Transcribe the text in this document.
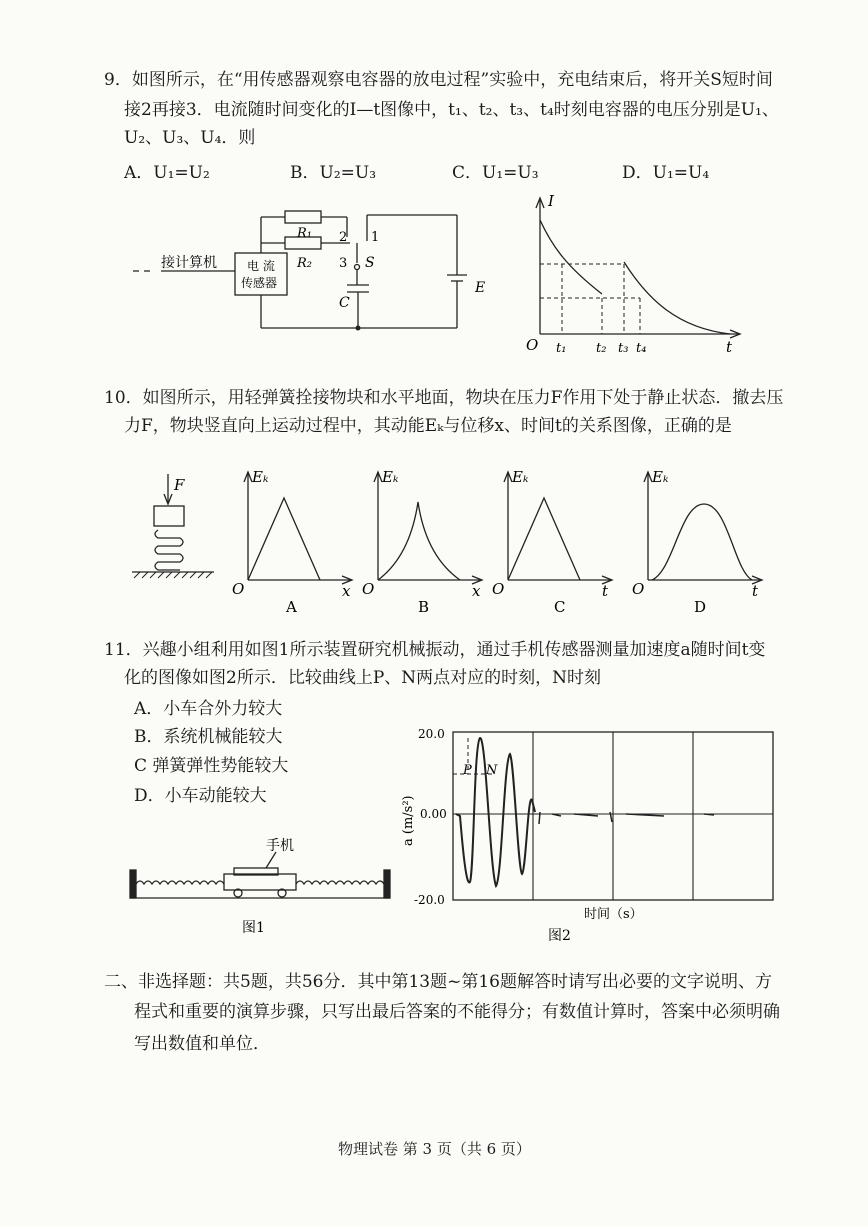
9．如图所示，在“用传感器观察电容器的放电过程”实验中，充电结束后，将开关S短时间
接2再接3．电流随时间变化的I—t图像中，t₁、t₂、t₃、t₄时刻电容器的电压分别是U₁、
U₂、U₃、U₄．则
A．U₁=U₂	B．U₂=U₃	C．U₁=U₃	D．U₁=U₄
接计算机	电 流
传感器
R₁
R₂
2 1
3 S
C
E
I
t
O t₁ t₂ t₃ t₄
10．如图所示，用轻弹簧拴接物块和水平地面，物块在压力F作用下处于静止状态．撤去压
力F，物块竖直向上运动过程中，其动能Eₖ与位移x、时间t的关系图像，正确的是
F	Eₖ
O	x
A
Eₖ
O	x
B
Eₖ
O	t
C
Eₖ
O	t
D
11．兴趣小组利用如图1所示装置研究机械振动，通过手机传感器测量加速度a随时间t变
化的图像如图2所示．比较曲线上P、N两点对应的时刻，N时刻
A．小车合外力较大
B．系统机械能较大
C 弹簧弹性势能较大
D．小车动能较大
手机
图1
P N
20.0
0.00
-20.0
a (m/s²)
时间（s）
图2
二、非选择题：共5题，共56分．其中第13题~第16题解答时请写出必要的文字说明、方
程式和重要的演算步骤，只写出最后答案的不能得分；有数值计算时，答案中必须明确
写出数值和单位．
物理试卷 第 3 页（共 6 页）
